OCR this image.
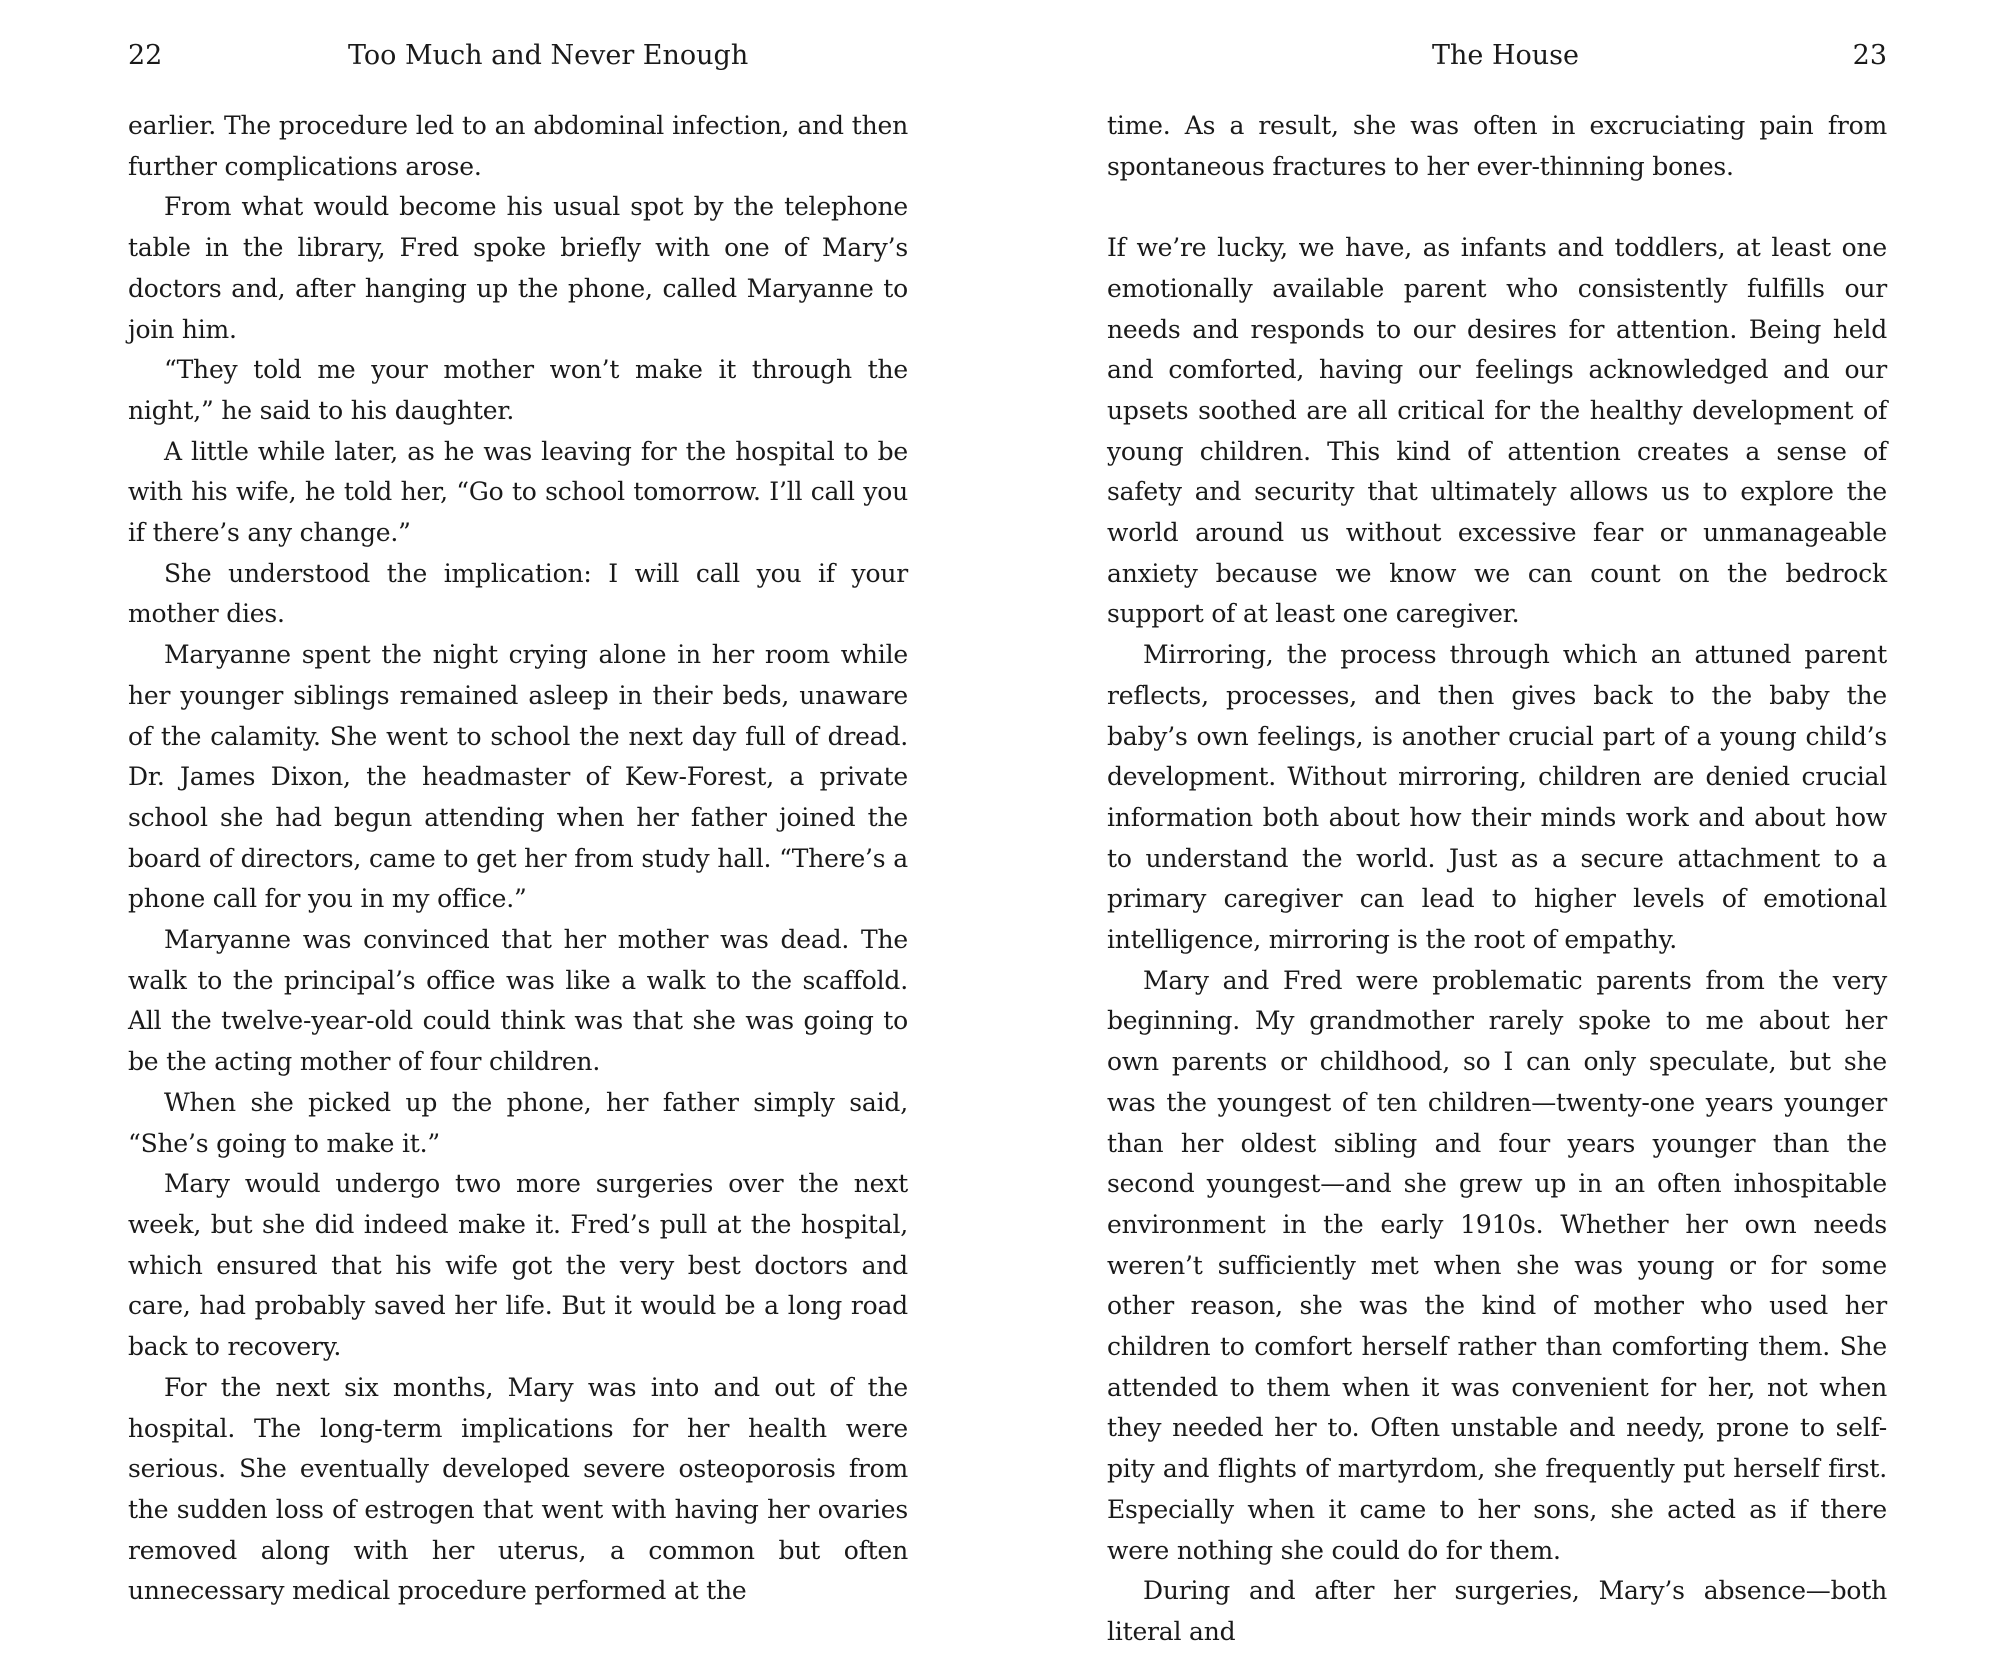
22	Too Much and Never Enough

earlier. The procedure led to an abdominal infection, and then further complications arose.

From what would become his usual spot by the telephone table in the library, Fred spoke briefly with one of Mary’s doctors and, after hanging up the phone, called Maryanne to join him.

“They told me your mother won’t make it through the night,” he said to his daughter.

A little while later, as he was leaving for the hospital to be with his wife, he told her, “Go to school tomorrow. I’ll call you if there’s any change.”

She understood the implication: I will call you if your mother dies.

Maryanne spent the night crying alone in her room while her younger siblings remained asleep in their beds, unaware of the calamity. She went to school the next day full of dread. Dr. James Dixon, the headmaster of Kew-Forest, a private school she had begun attending when her father joined the board of directors, came to get her from study hall. “There’s a phone call for you in my office.”

Maryanne was convinced that her mother was dead. The walk to the principal’s office was like a walk to the scaffold. All the twelve-year-old could think was that she was going to be the acting mother of four children.

When she picked up the phone, her father simply said, “She’s going to make it.”

Mary would undergo two more surgeries over the next week, but she did indeed make it. Fred’s pull at the hospital, which ensured that his wife got the very best doctors and care, had probably saved her life. But it would be a long road back to recovery.

For the next six months, Mary was into and out of the hospital. The long-term implications for her health were serious. She eventually developed severe osteoporosis from the sudden loss of estrogen that went with having her ovaries removed along with her uterus, a common but often unnecessary medical procedure performed at the

The House	23

time. As a result, she was often in excruciating pain from spontaneous fractures to her ever-thinning bones.

If we’re lucky, we have, as infants and toddlers, at least one emotionally available parent who consistently fulfills our needs and responds to our desires for attention. Being held and comforted, having our feelings acknowledged and our upsets soothed are all critical for the healthy development of young children. This kind of attention creates a sense of safety and security that ultimately allows us to explore the world around us without excessive fear or unmanageable anxiety because we know we can count on the bedrock support of at least one caregiver.

Mirroring, the process through which an attuned parent reflects, processes, and then gives back to the baby the baby’s own feelings, is another crucial part of a young child’s development. Without mirroring, children are denied crucial information both about how their minds work and about how to understand the world. Just as a secure attachment to a primary caregiver can lead to higher levels of emotional intelligence, mirroring is the root of empathy.

Mary and Fred were problematic parents from the very beginning. My grandmother rarely spoke to me about her own parents or childhood, so I can only speculate, but she was the youngest of ten children—twenty-one years younger than her oldest sibling and four years younger than the second youngest—and she grew up in an often inhospitable environment in the early 1910s. Whether her own needs weren’t sufficiently met when she was young or for some other reason, she was the kind of mother who used her children to comfort herself rather than comforting them. She attended to them when it was convenient for her, not when they needed her to. Often unstable and needy, prone to self-pity and flights of martyrdom, she frequently put herself first. Especially when it came to her sons, she acted as if there were nothing she could do for them.

During and after her surgeries, Mary’s absence—both literal and
